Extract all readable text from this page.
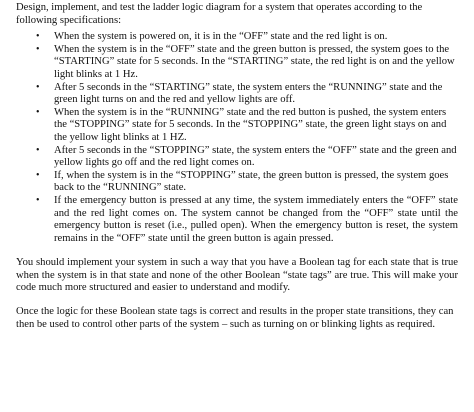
Design, implement, and test the ladder logic diagram for a system that operates according to the following specifications:

• When the system is powered on, it is in the “OFF” state and the red light is on.
• When the system is in the “OFF” state and the green button is pressed, the system goes to the “STARTING” state for 5 seconds. In the “STARTING” state, the red light is on and the yellow light blinks at 1 Hz.
• After 5 seconds in the “STARTING” state, the system enters the “RUNNING” state and the green light turns on and the red and yellow lights are off.
• When the system is in the “RUNNING” state and the red button is pushed, the system enters the “STOPPING” state for 5 seconds. In the “STOPPING” state, the green light stays on and the yellow light blinks at 1 HZ.
• After 5 seconds in the “STOPPING” state, the system enters the “OFF” state and the green and yellow lights go off and the red light comes on.
• If, when the system is in the “STOPPING” state, the green button is pressed, the system goes back to the “RUNNING” state.
• If the emergency button is pressed at any time, the system immediately enters the “OFF” state and the red light comes on. The system cannot be changed from the “OFF” state until the emergency button is reset (i.e., pulled open). When the emergency button is reset, the system remains in the “OFF” state until the green button is again pressed.

You should implement your system in such a way that you have a Boolean tag for each state that is true when the system is in that state and none of the other Boolean “state tags” are true. This will make your code much more structured and easier to understand and modify.

Once the logic for these Boolean state tags is correct and results in the proper state transitions, they can then be used to control other parts of the system – such as turning on or blinking lights as required.
